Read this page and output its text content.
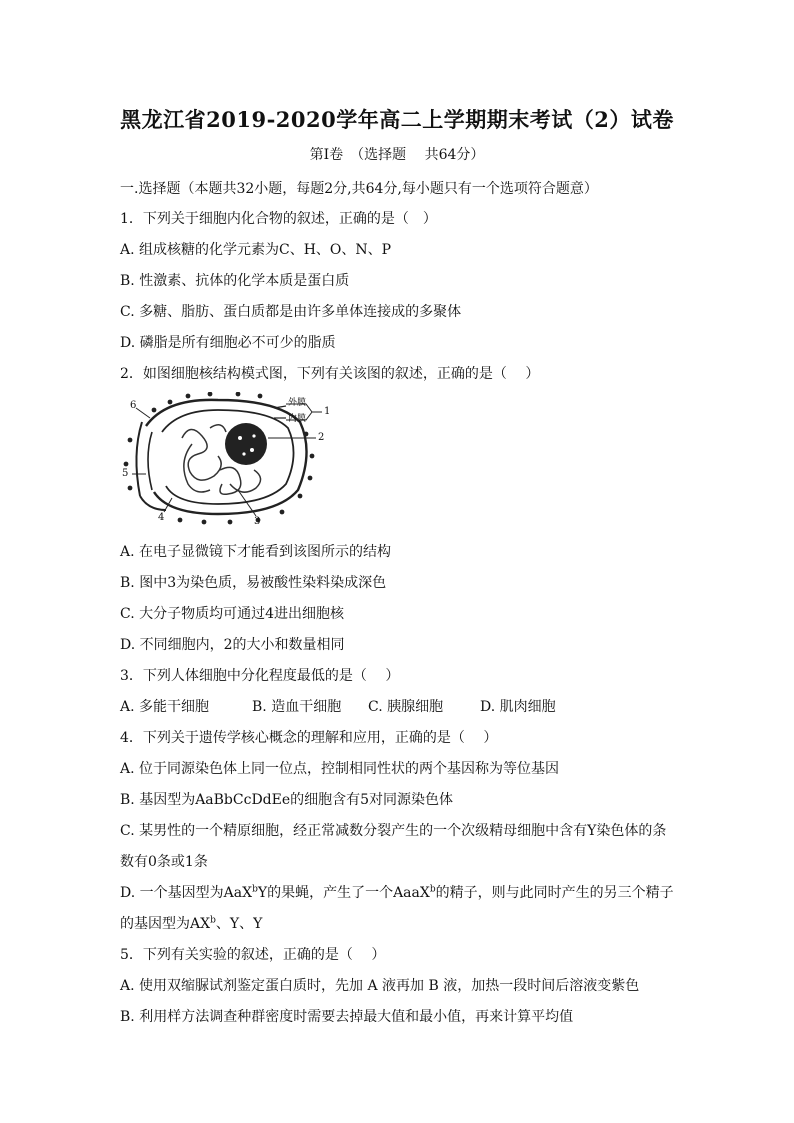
黑龙江省2019-2020学年高二上学期期末考试（2）试卷
第Ⅰ卷　（选择题　 共64分）
一.选择题（本题共32小题，每题2分,共64分,每小题只有一个选项符合题意）
1．下列关于细胞内化合物的叙述，正确的是（　）
A. 组成核糖的化学元素为C、H、O、N、P
B. 性激素、抗体的化学本质是蛋白质
C. 多糖、脂肪、蛋白质都是由许多单体连接成的多聚体
D. 磷脂是所有细胞必不可少的脂质
2．如图细胞核结构模式图，下列有关该图的叙述，正确的是（　 ）
外膜
内膜
1
2
3
4
5
6
A. 在电子显微镜下才能看到该图所示的结构
B. 图中3为染色质，易被酸性染料染成深色
C. 大分子物质均可通过4进出细胞核
D. 不同细胞内，2的大小和数量相同
3．下列人体细胞中分化程度最低的是（　 ）
A. 多能干细胞	B. 造血干细胞 C. 胰腺细胞	D. 肌肉细胞
4．下列关于遗传学核心概念的理解和应用，正确的是（　 ）
A. 位于同源染色体上同一位点，控制相同性状的两个基因称为等位基因
B. 基因型为AaBbCcDdEe的细胞含有5对同源染色体
C. 某男性的一个精原细胞，经正常减数分裂产生的一个次级精母细胞中含有Y染色体的条
数有0条或1条
D. 一个基因型为AaX$^b$Y的果蝇，产生了一个AaaX$^b$的精子，则与此同时产生的另三个精子
的基因型为$AX^b$、Y、Y
5．下列有关实验的叙述，正确的是（　 ）
A. 使用双缩脲试剂鉴定蛋白质时，先加 A 液再加 B 液，加热一段时间后溶液变紫色
B. 利用样方法调查种群密度时需要去掉最大值和最小值，再来计算平均值
